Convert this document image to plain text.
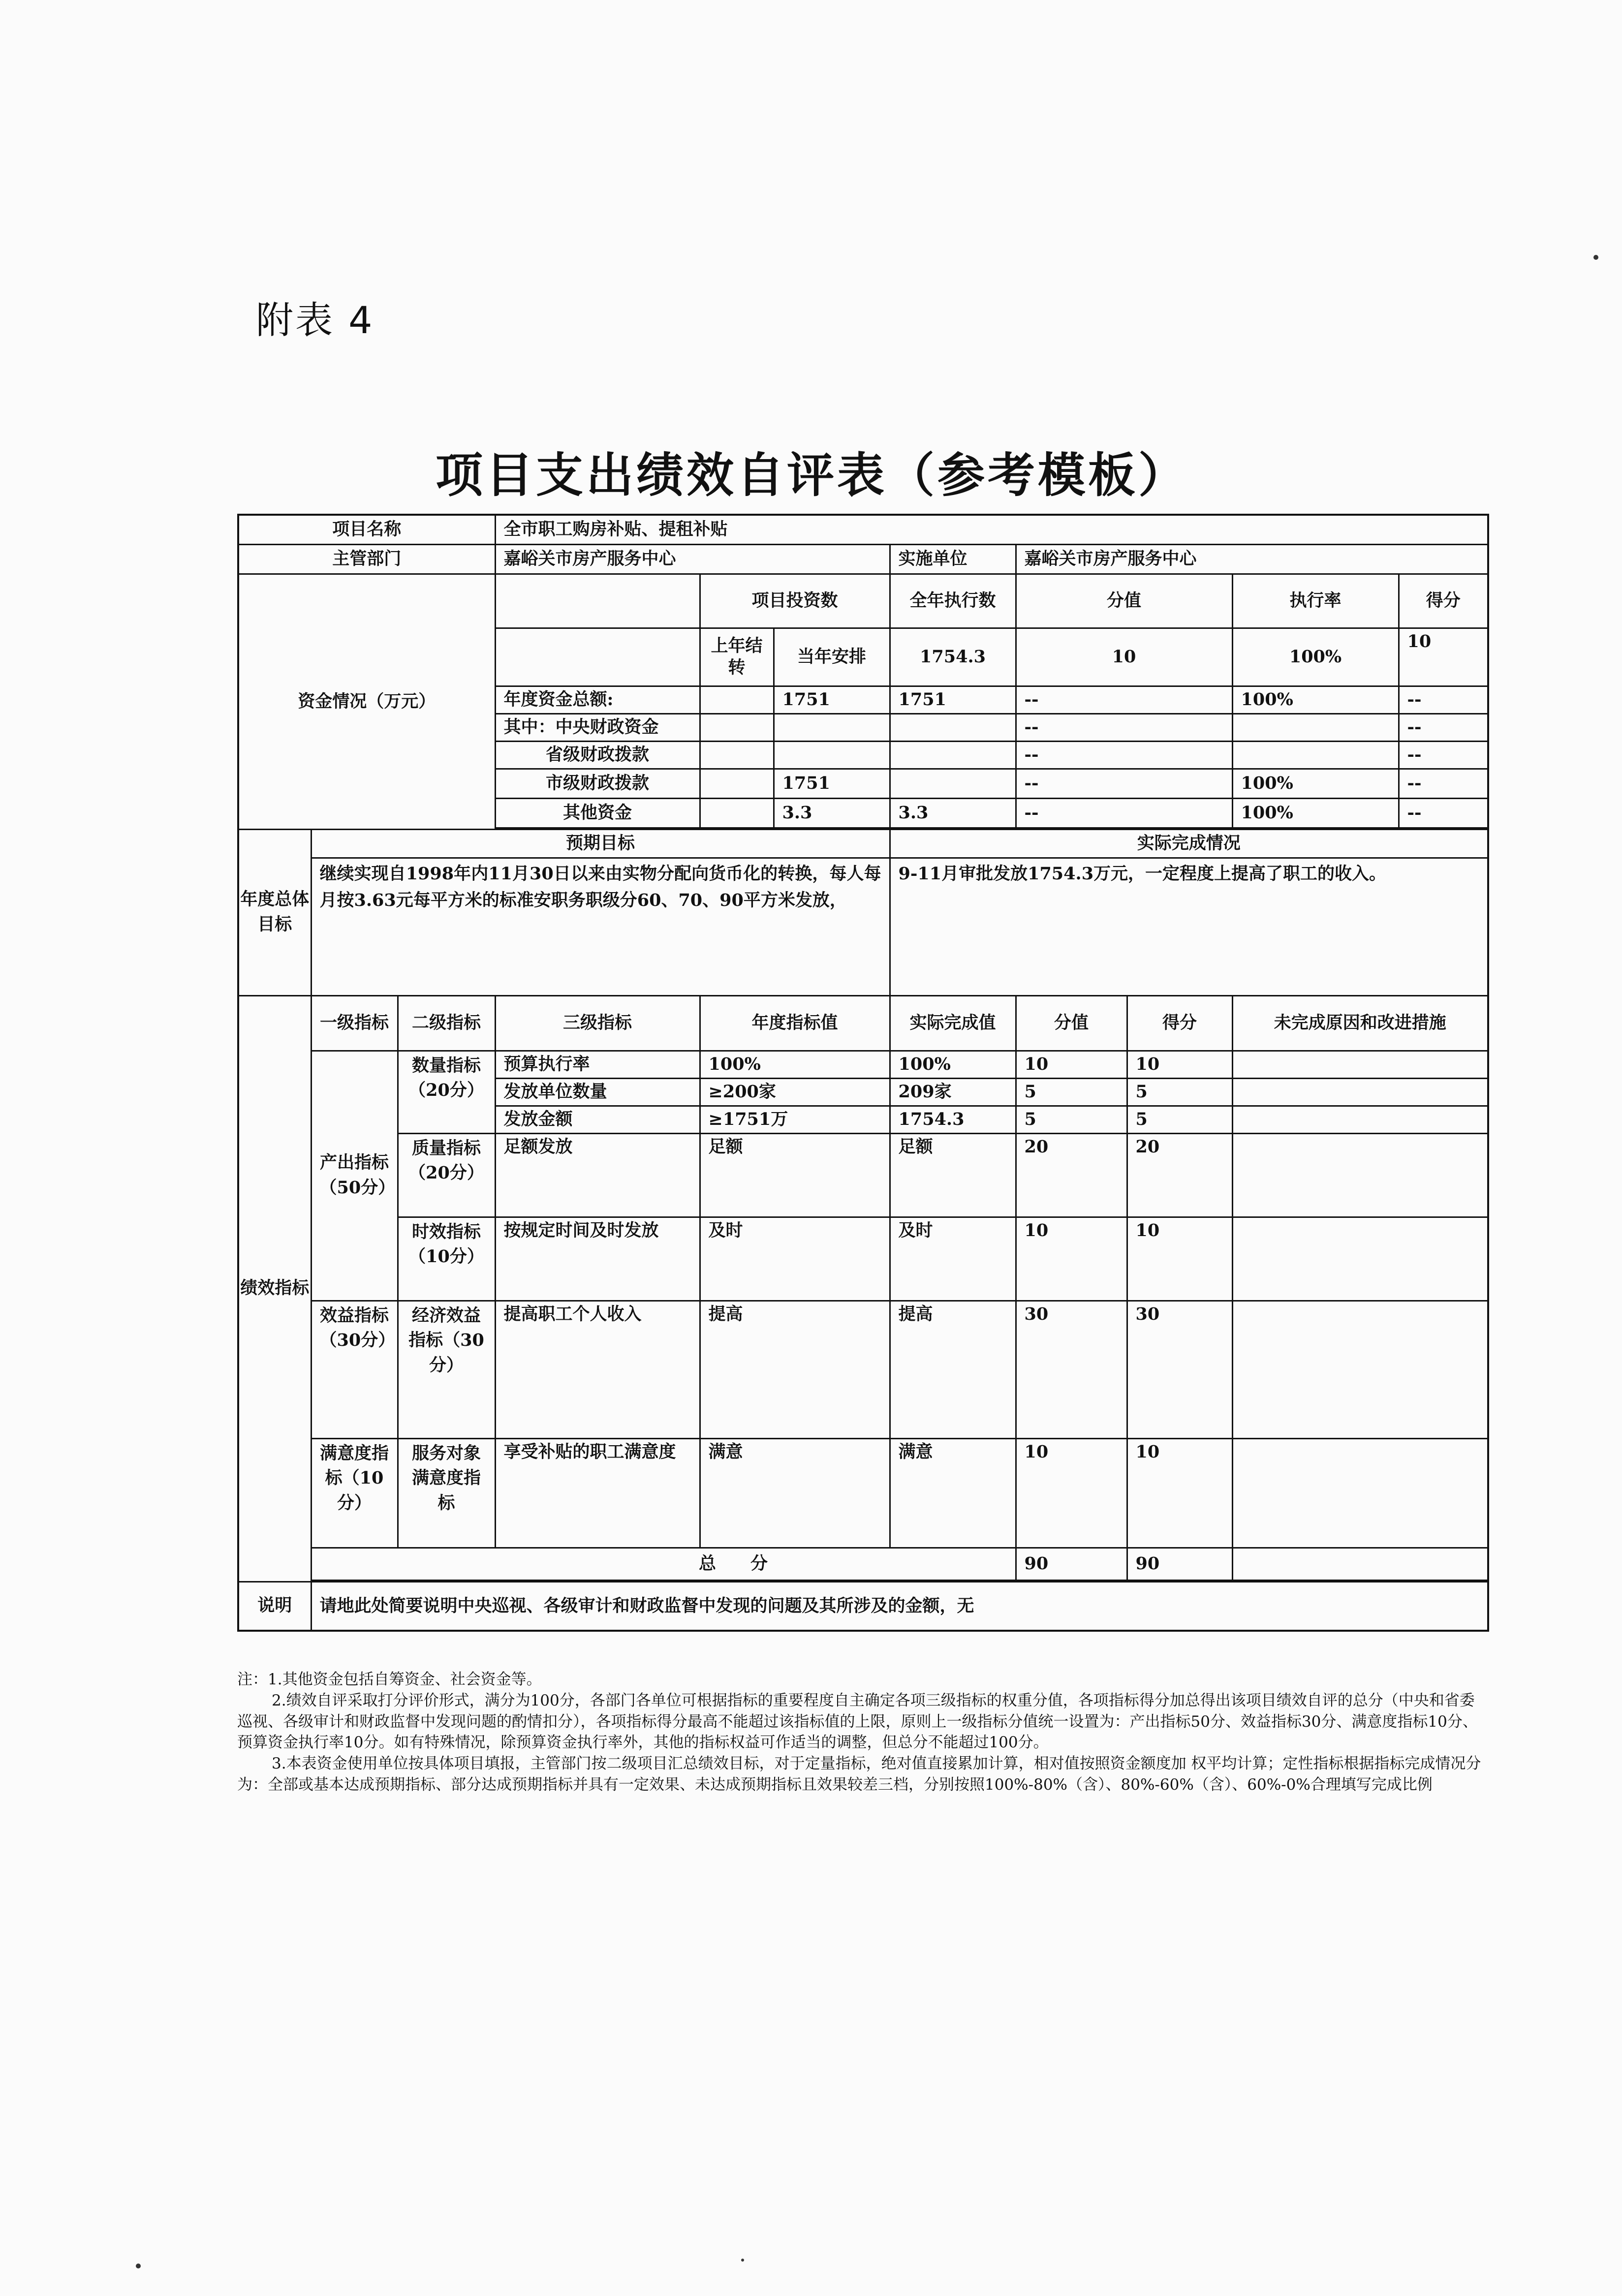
附表 4
项目支出绩效自评表（参考模板）
项目名称			全市职工购房补贴、提租补贴							
主管部门			嘉峪关市房产服务中心			实施单位	嘉峪关市房产服务中心			
资金情况（万元）				项目投资数		全年执行数	分值		执行率	得分
				上年结转	当年安排	1754.3	10		100%	10
			年度资金总额:		1751	1751	--		100%	--
			其中：中央财政资金				--			--
			省级财政拨款				--			--
			市级财政拨款		1751		--		100%	--
			其他资金		3.3	3.3	--		100%	--

年度总体目标	预期目标					实际完成情况				
	继续实现自1998年内11月30日以来由实物分配向货币化的转换，每人每月按3.63元每平方米的标准安职务职级分60、70、90平方米发放，					9-11月审批发放1754.3万元，一定程度上提高了职工的收入。				
绩效指标	一级指标	二级指标	三级指标	年度指标值		实际完成值	分值	得分	未完成原因和改进措施	
	产出指标（50分）	数量指标（20分）	预算执行率	100%		100%	10	10		
			发放单位数量	≥200家		209家	5	5		
			发放金额	≥1751万		1754.3	5	5		
		质量指标（20分）	足额发放	足额		足额	20	20		
		时效指标（10分）	按规定时间及时发放	及时		及时	10	10		
	效益指标（30分）	经济效益指标（30分）	提高职工个人收入	提高		提高	30	30		
	满意度指标（10分）	服务对象满意度指标	享受补贴的职工满意度	满意		满意	10	10		
	总　　分						90	90		

说明	请地此处简要说明中央巡视、各级审计和财政监督中发现的问题及其所涉及的金额，无									

注：1.其他资金包括自筹资金、社会资金等。

2.绩效自评采取打分评价形式，满分为100分，各部门各单位可根据指标的重要程度自主确定各项三级指标的权重分值，各项指标得分加总得出该项目绩效自评的总分（中央和省委巡视、各级审计和财政监督中发现问题的酌情扣分），各项指标得分最高不能超过该指标值的上限，原则上一级指标分值统一设置为：产出指标50分、效益指标30分、满意度指标10分、预算资金执行率10分。如有特殊情况，除预算资金执行率外，其他的指标权益可作适当的调整，但总分不能超过100分。

3.本表资金使用单位按具体项目填报，主管部门按二级项目汇总绩效目标，对于定量指标，绝对值直接累加计算，相对值按照资金额度加 权平均计算；定性指标根据指标完成情况分为：全部或基本达成预期指标、部分达成预期指标并具有一定效果、未达成预期指标且效果较差三档，分别按照100%-80%（含）、80%-60%（含）、60%-0%合理填写完成比例
